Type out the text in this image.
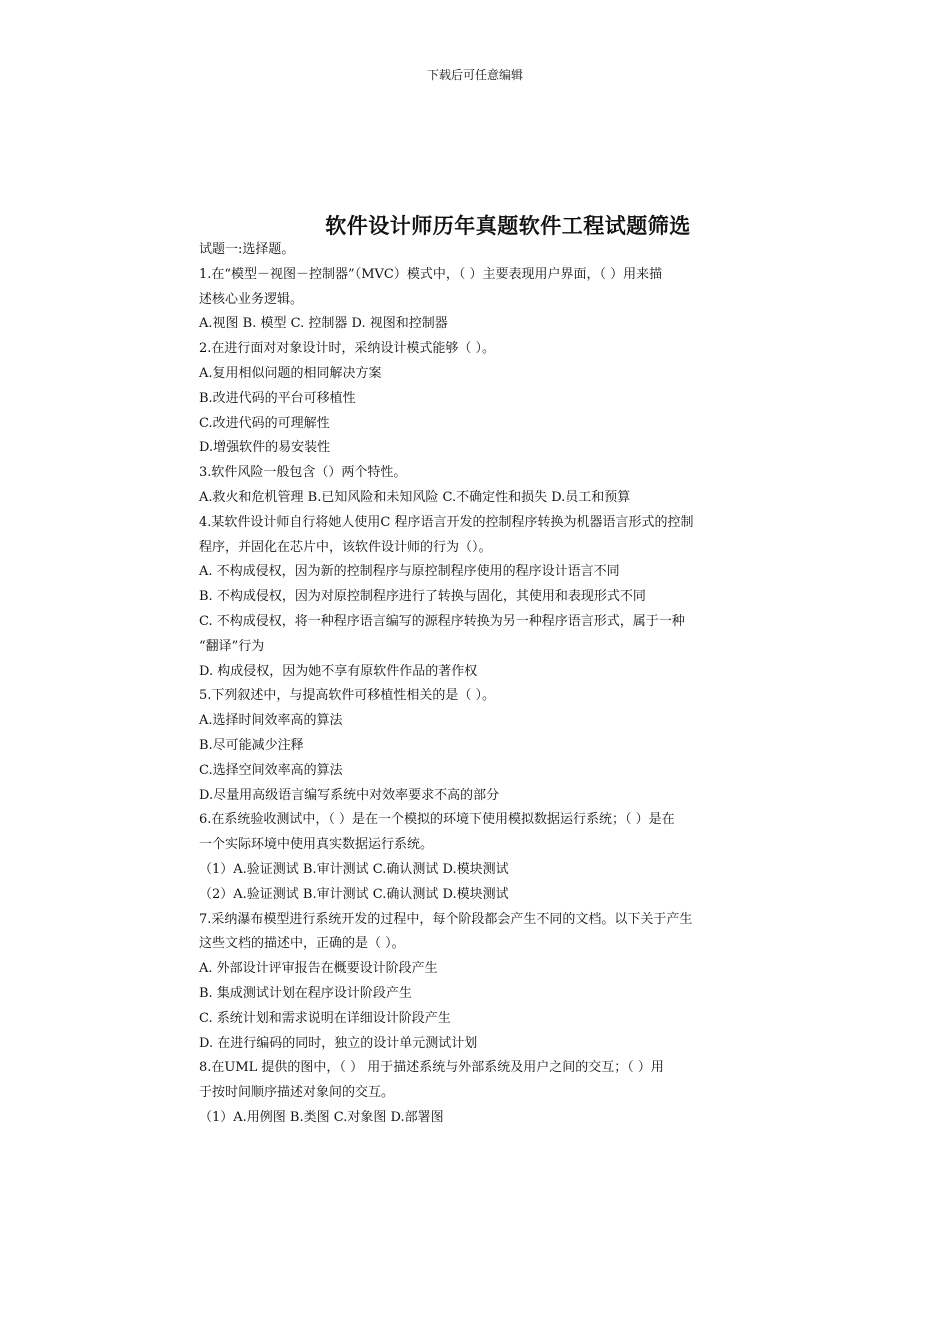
下载后可任意编辑
软件设计师历年真题软件工程试题筛选

试题一:选择题。

1.在“模型－视图－控制器”（MVC）模式中，（ ）主要表现用户界面，（ ）用来描

述核心业务逻辑。

A.视图 B. 模型 C. 控制器 D. 视图和控制器

2.在进行面对对象设计时，采纳设计模式能够（ ）。

A.复用相似问题的相同解决方案

B.改进代码的平台可移植性

C.改进代码的可理解性

D.增强软件的易安装性

3.软件风险一般包含（）两个特性。

A.救火和危机管理 B.已知风险和未知风险 C.不确定性和损失 D.员工和预算

4.某软件设计师自行将她人使用C 程序语言开发的控制程序转换为机器语言形式的控制

程序，并固化在芯片中，该软件设计师的行为（）。

A. 不构成侵权，因为新的控制程序与原控制程序使用的程序设计语言不同

B. 不构成侵权，因为对原控制程序进行了转换与固化，其使用和表现形式不同

C. 不构成侵权，将一种程序语言编写的源程序转换为另一种程序语言形式，属于一种

“翻译”行为

D. 构成侵权，因为她不享有原软件作品的著作权

5.下列叙述中，与提高软件可移植性相关的是（ ）。

A.选择时间效率高的算法

B.尽可能减少注释

C.选择空间效率高的算法

D.尽量用高级语言编写系统中对效率要求不高的部分

6.在系统验收测试中，（ ）是在一个模拟的环境下使用模拟数据运行系统；（ ）是在

一个实际环境中使用真实数据运行系统。

（1）A.验证测试 B.审计测试 C.确认测试 D.模块测试

（2）A.验证测试 B.审计测试 C.确认测试 D.模块测试

7.采纳瀑布模型进行系统开发的过程中，每个阶段都会产生不同的文档。以下关于产生

这些文档的描述中，正确的是（ ）。

A. 外部设计评审报告在概要设计阶段产生

B. 集成测试计划在程序设计阶段产生

C. 系统计划和需求说明在详细设计阶段产生

D. 在进行编码的同时，独立的设计单元测试计划

8.在UML 提供的图中，（ ） 用于描述系统与外部系统及用户之间的交互；（ ）用

于按时间顺序描述对象间的交互。

（1）A.用例图 B.类图 C.对象图 D.部署图
